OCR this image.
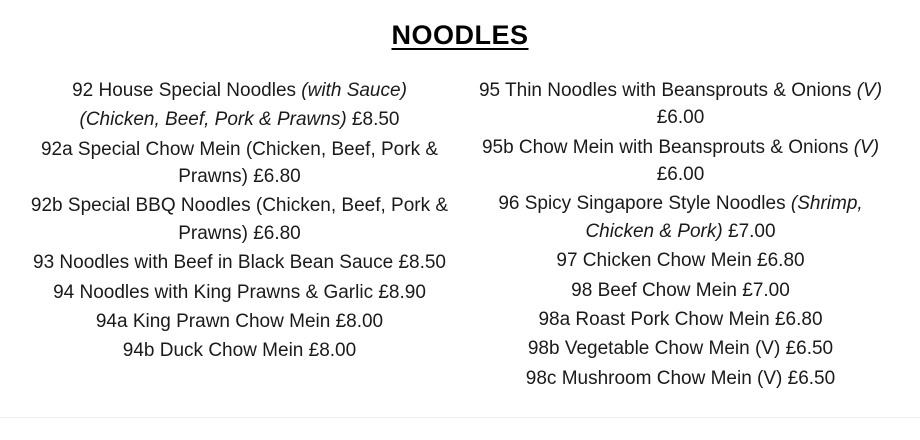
NOODLES
92 House Special Noodles (with Sauce)
(Chicken, Beef, Pork & Prawns) £8.50
92a Special Chow Mein (Chicken, Beef, Pork & Prawns) £6.80
92b Special BBQ Noodles (Chicken, Beef, Pork & Prawns) £6.80
93 Noodles with Beef in Black Bean Sauce £8.50
94 Noodles with King Prawns & Garlic £8.90
94a King Prawn Chow Mein £8.00
94b Duck Chow Mein £8.00
95 Thin Noodles with Beansprouts & Onions (V) £6.00
95b Chow Mein with Beansprouts & Onions (V) £6.00
96 Spicy Singapore Style Noodles (Shrimp, Chicken & Pork) £7.00
97 Chicken Chow Mein £6.80
98 Beef Chow Mein £7.00
98a Roast Pork Chow Mein £6.80
98b Vegetable Chow Mein (V) £6.50
98c Mushroom Chow Mein (V) £6.50
